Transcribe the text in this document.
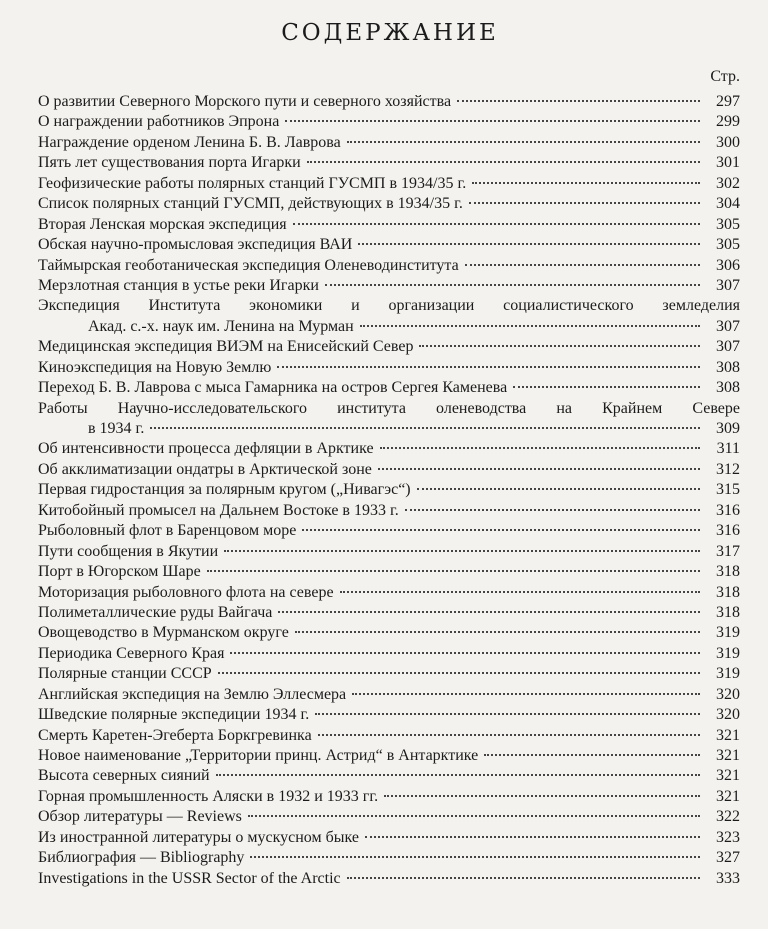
СОДЕРЖАНИЕ
Стр.
О развитии Северного Морского пути и северного хозяйства	297
О награждении работников Эпрона	299
Награждение орденом Ленина Б. В. Лаврова	300
Пять лет существования порта Игарки	301
Геофизические работы полярных станций ГУСМП в 1934/35 г.	302
Список полярных станций ГУСМП, действующих в 1934/35 г.	304
Вторая Ленская морская экспедиция	305
Обская научно-промысловая экспедиция ВАИ	305
Таймырская геоботаническая экспедиция Оленеводинститута	306
Мерзлотная станция в устье реки Игарки	307
Экспедиция Института экономики и организации социалистического земледелия
Акад. с.-х. наук им. Ленина на Мурман	307
Медицинская экспедиция ВИЭМ на Енисейский Север	307
Киноэкспедиция на Новую Землю	308
Переход Б. В. Лаврова с мыса Гамарника на остров Сергея Каменева	308
Работы Научно-исследовательского института оленеводства на Крайнем Севере
в 1934 г.	309
Об интенсивности процесса дефляции в Арктике	311
Об акклиматизации ондатры в Арктической зоне	312
Первая гидростанция за полярным кругом („Нивагэс“)	315
Китобойный промысел на Дальнем Востоке в 1933 г.	316
Рыболовный флот в Баренцовом море	316
Пути сообщения в Якутии	317
Порт в Югорском Шаре	318
Моторизация рыболовного флота на севере	318
Полиметаллические руды Вайгача	318
Овощеводство в Мурманском округе	319
Периодика Северного Края	319
Полярные станции СССР	319
Английская экспедиция на Землю Эллесмера	320
Шведские полярные экспедиции 1934 г.	320
Смерть Каретен-Эгеберта Боркгревинка	321
Новое наименование „Территории принц. Астрид“ в Антарктике	321
Высота северных сияний	321
Горная промышленность Аляски в 1932 и 1933 гг.	321
Обзор литературы — Reviews	322
Из иностранной литературы о мускусном быке	323
Библиография — Bibliography	327
Investigations in the USSR Sector of the Arctic	333
